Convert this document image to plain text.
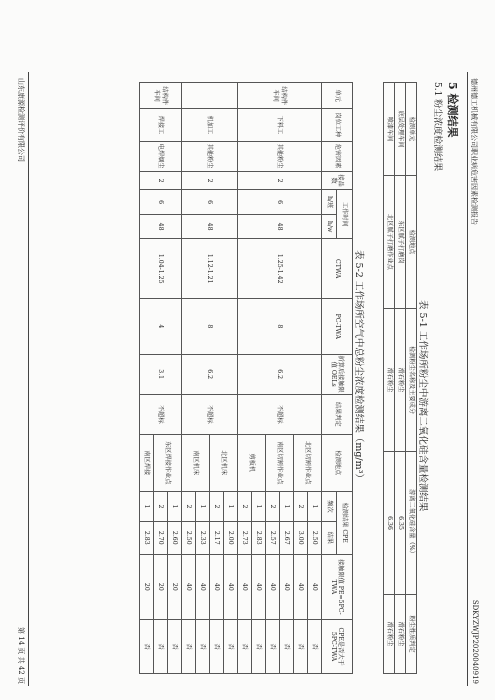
德州德工机械有限公司职业病危害因素检测报告
SDKYZWJP2020040919
5 检测结果
5.1 粉尘浓度检测结果
表 5-1 工作场所粉尘中游离二氧化硅含量检测结果
检测单元	检测地点	检测粉尘名称及主要成分	游离二氧化硅含量（%）	粉尘性质判定
底层处理车间	东区腻子打磨岗	滑石粉尘	6.35	滑石粉尘
喷漆车间	北区腻子打磨作业点	滑石粉尘	6.36	滑石粉尘
表 5-2 工作场所空气中总粉尘浓度检测结果（mg/m³）
单元	岗位工种	危害因素	接品数	工作时间		CTWA	PC-TWA	折算后接触限值 OELs	结果判定	检测地点	检测结果 CPE		接触限值 PE=5PC-TWA	CPE是否大于 5PC-TWA
				h/班	h/w						频次	结果		
结构件车间	下料工	其他粉尘	2	6	48	1.25-1.42	8	6.2	不超标	北区切割作业点	1	2.50	40	否
											2	3.00	40	否
										南区切割作业点	1	2.67	40	否
											2	2.57	40	否
										剪板机	1	2.83	40	否
											2	2.73	40	否
	机加工	其他粉尘	2	6	48	1.12-1.21	8	6.2	不超标	北区机床	1	2.00	40	否
											2	2.17	40	否
										南区机床	1	2.33	40	否
											2	2.50	40	否
结构件车间	焊接工	电焊烟尘	2	6	48	1.04-1.25	4	3.1	不超标	东区焊接作业点	1	2.60	20	否
											2	2.70	20	否
										南区焊接	1	2.83	20	否
山东康源检测评价有限公司
第 14 页 共 42 页
